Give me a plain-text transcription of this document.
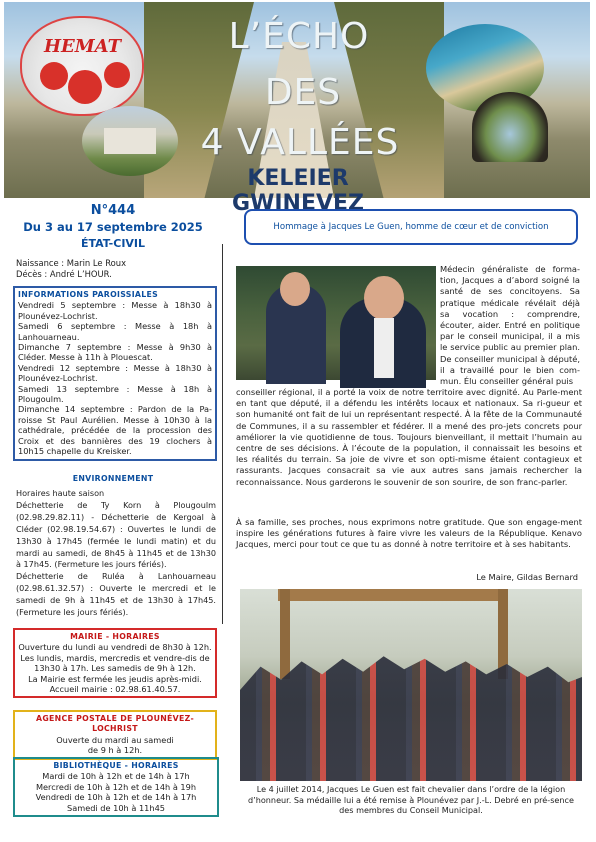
HEMAT	L’ÉCHO
DES
4 VALLÉES
KELEIER GWINEVEZ
N°444
Du 3 au 17 septembre 2025
ÉTAT-CIVIL
Naissance : Marin Le Roux
Décès : André L’HOUR.
INFORMATIONS PAROISSIALES

Vendredi 5 septembre : Messe à 18h30 à Plounévez-Lochrist.

Samedi 6 septembre : Messe à 18h à Lanhouarneau.

Dimanche 7 septembre : Messe à 9h30 à Cléder. Messe à 11h à Plouescat.

Vendredi 12 septembre : Messe à 18h30 à Plounévez-Lochrist.

Samedi 13 septembre : Messe à 18h à Plougoulm.

Dimanche 14 septembre : Pardon de la Pa-roisse St Paul Aurélien. Messe à 10h30 à la cathédrale, précédée de la procession des Croix et des bannières des 19 clochers à 10h15 chapelle du Kreisker.

ENVIRONNEMENT

Horaires haute saison

Déchetterie de Ty Korn à Plougoulm (02.98.29.82.11) - Déchetterie de Kergoal à Cléder (02.98.19.54.67) : Ouvertes le lundi de 13h30 à 17h45 (fermée le lundi matin) et du mardi au samedi, de 8h45 à 11h45 et de 13h30 à 17h45. (Fermeture les jours fériés).

Déchetterie de Ruléa à Lanhouarneau (02.98.61.32.57) : Ouverte le mercredi et le samedi de 9h à 11h45 et de 13h30 à 17h45. (Fermeture les jours fériés).

MAIRIE - HORAIRES

Ouverture du lundi au vendredi de 8h30 à 12h. Les lundis, mardis, mercredis et vendre-dis de 13h30 à 17h. Les samedis de 9h à 12h.

La Mairie est fermée les jeudis après-midi.

Accueil mairie : 02.98.61.40.57.

AGENCE POSTALE DE PLOUNÉVEZ-LOCHRIST

Ouverte du mardi au samedi

de 9 h à 12h.

BIBLIOTHÈQUE - HORAIRES

Mardi de 10h à 12h et de 14h à 17h

Mercredi de 10h à 12h et de 14h à 19h

Vendredi de 10h à 12h et de 14h à 17h

Samedi de 10h à 11h45

Hommage à Jacques Le Guen, homme de cœur et de conviction
Médecin généraliste de forma-tion, Jacques a d’abord soigné la santé de ses concitoyens. Sa pratique médicale révélait déjà sa vocation : comprendre, écouter, aider. Entré en politique par le conseil municipal, il a mis le service public au premier plan. De conseiller municipal à député, il a travaillé pour le bien com-mun. Élu conseiller général puis
conseiller régional, il a porté la voix de notre territoire avec dignité. Au Parle-ment en tant que député, il a défendu les intérêts locaux et nationaux. Sa ri-gueur et son humanité ont fait de lui un représentant respecté. À la fête de la Communauté de Communes, il a su rassembler et fédérer. Il a mené des pro-jets concrets pour améliorer la vie quotidienne de tous. Toujours bienveillant, il mettait l’humain au centre de ses décisions. À l’écoute de la population, il connaissait les besoins et les réalités du terrain. Sa joie de vivre et son opti-misme étaient contagieux et rassurants. Jacques consacrait sa vie aux autres sans jamais rechercher la reconnaissance. Nous garderons le souvenir de son sourire, de son franc-parler.
À sa famille, ses proches, nous exprimons notre gratitude. Que son engage-ment inspire les générations futures à faire vivre les valeurs de la République. Kenavo Jacques, merci pour tout ce que tu as donné à notre territoire et à ses habitants.
Le Maire, Gildas Bernard
Le 4 juillet 2014, Jacques Le Guen est fait chevalier dans l’ordre de la légion d’honneur. Sa médaille lui a été remise à Plounévez par J.-L. Debré en pré-sence des membres du Conseil Municipal.
